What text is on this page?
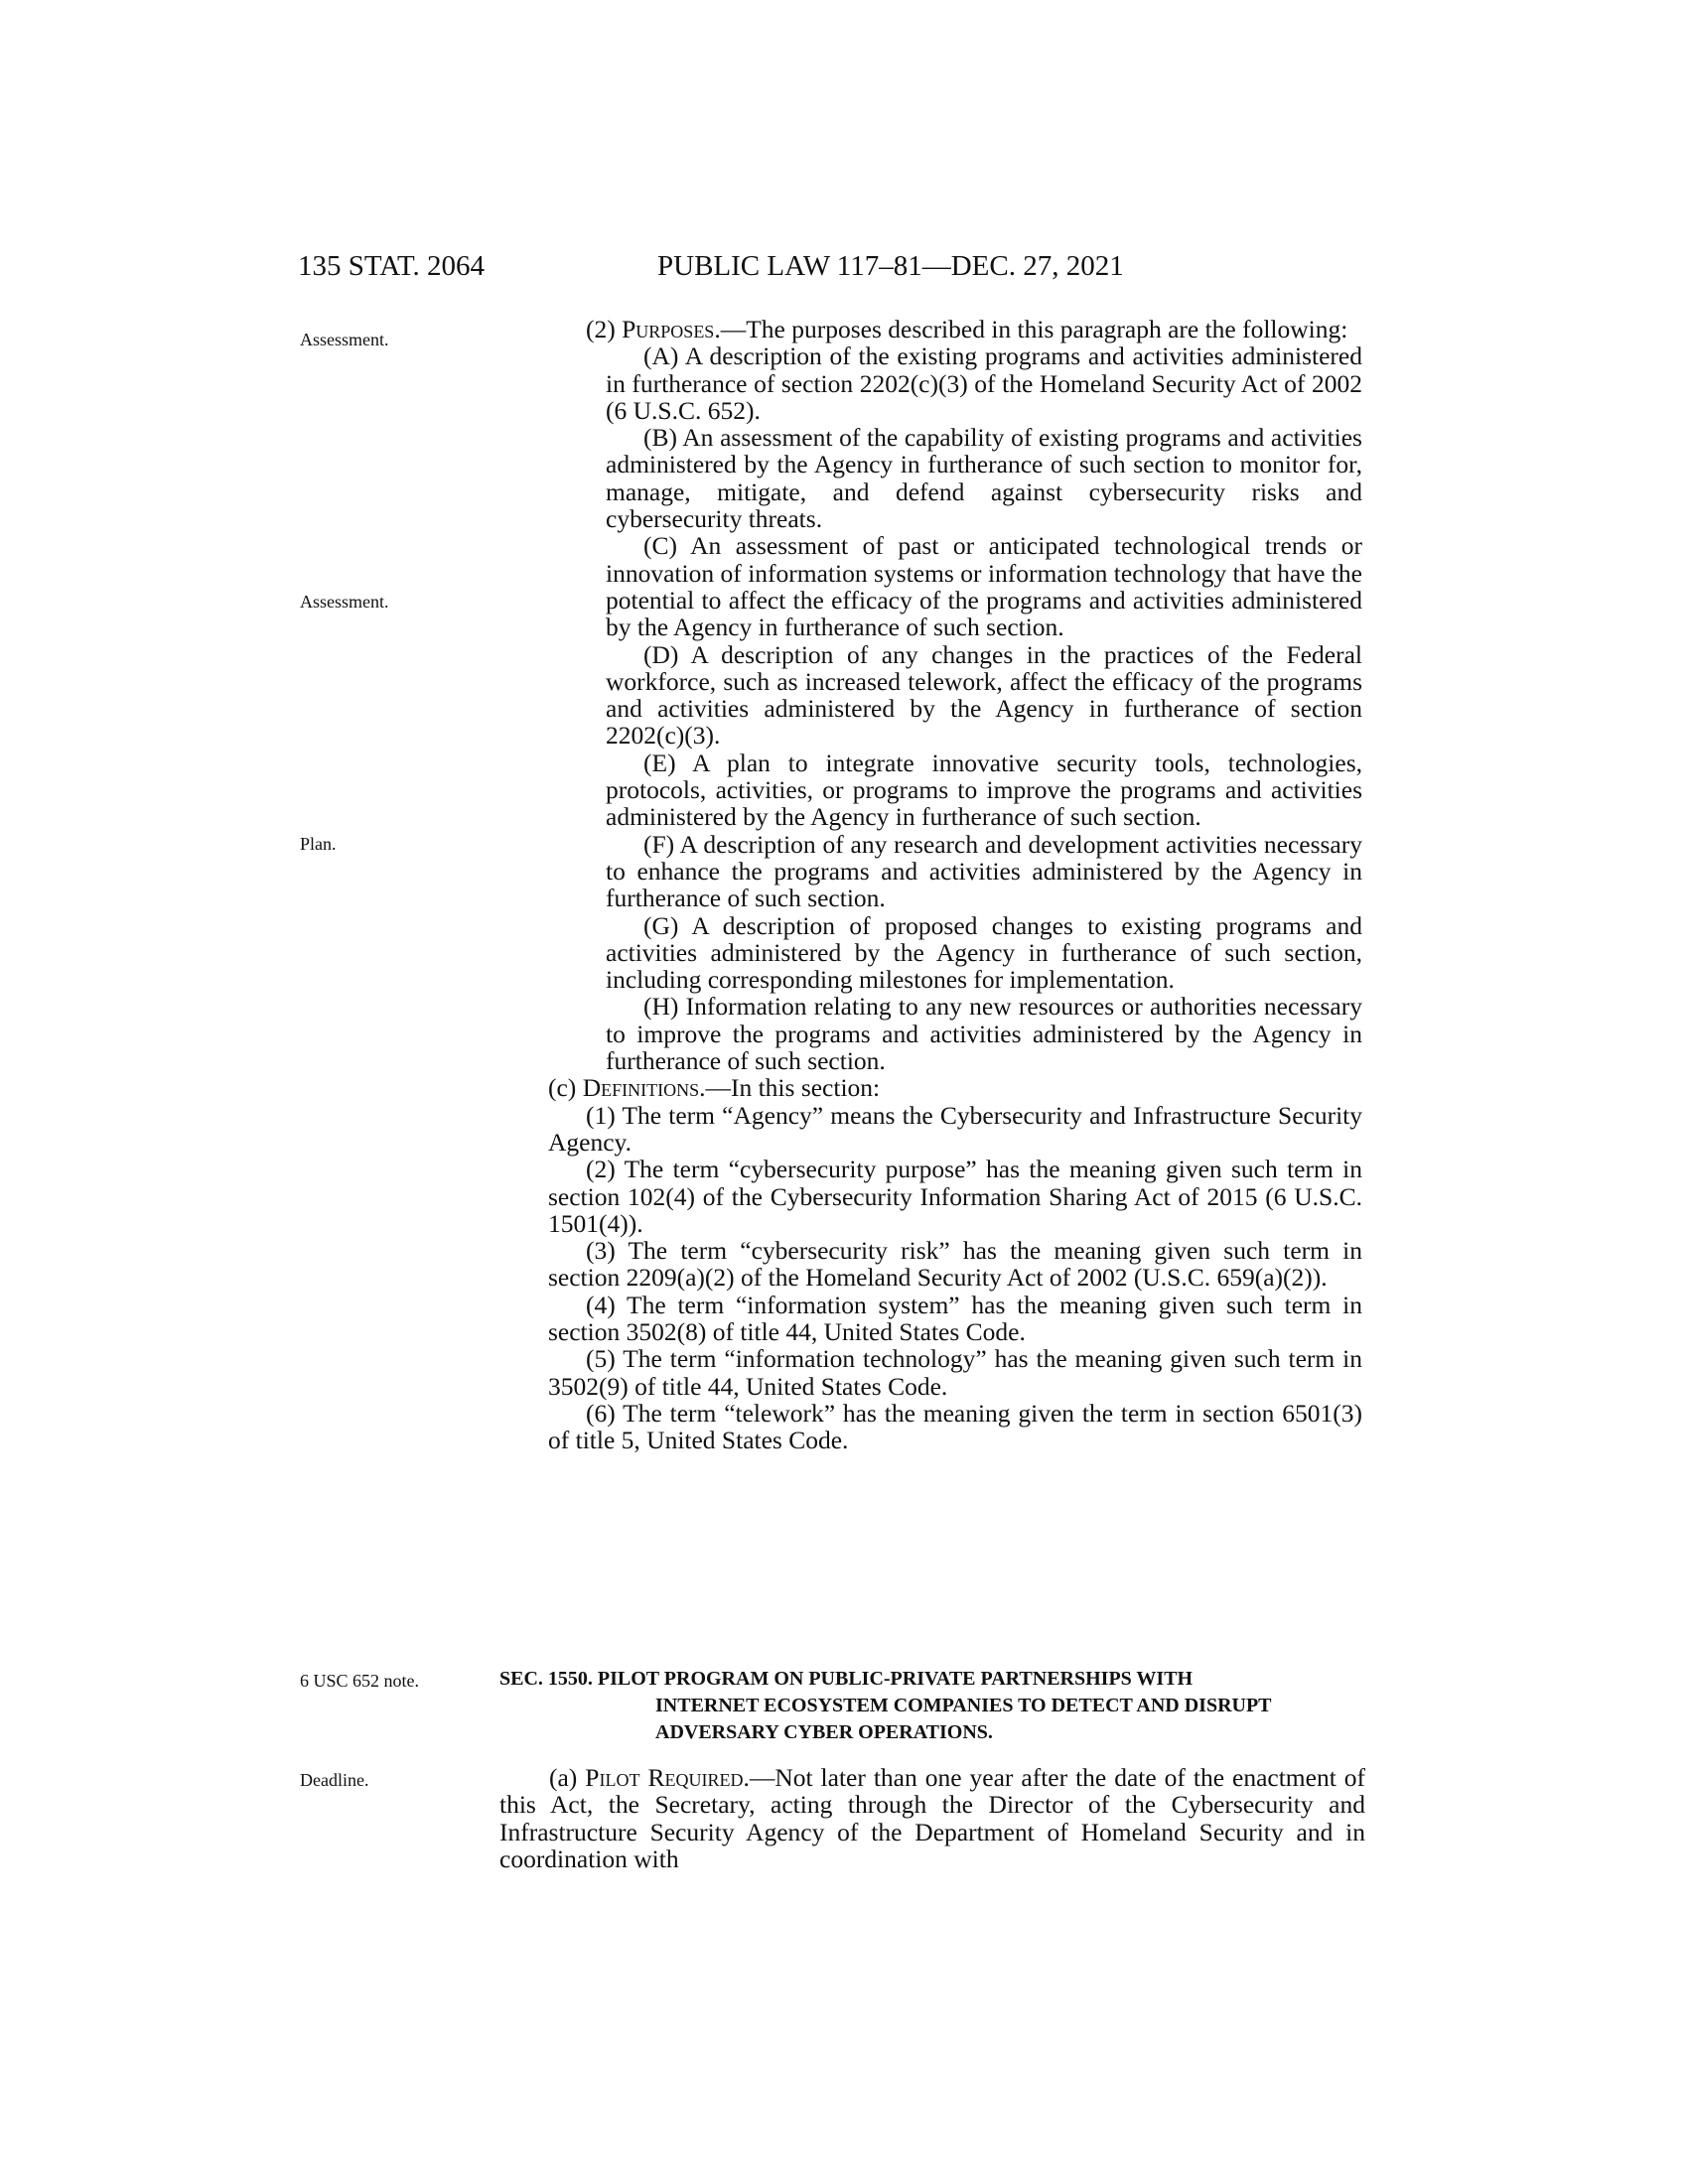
135 STAT. 2064	PUBLIC LAW 117–81—DEC. 27, 2021
Assessment.
Assessment.
Plan.
6 USC 652 note.
Deadline.

(2) Purposes.—The purposes described in this paragraph are the following:

(A) A description of the existing programs and activities administered in furtherance of section 2202(c)(3) of the Homeland Security Act of 2002 (6 U.S.C. 652).

(B) An assessment of the capability of existing programs and activities administered by the Agency in furtherance of such section to monitor for, manage, mitigate, and defend against cybersecurity risks and cybersecurity threats.

(C) An assessment of past or anticipated technological trends or innovation of information systems or information technology that have the potential to affect the efficacy of the programs and activities administered by the Agency in furtherance of such section.

(D) A description of any changes in the practices of the Federal workforce, such as increased telework, affect the efficacy of the programs and activities administered by the Agency in furtherance of section 2202(c)(3).

(E) A plan to integrate innovative security tools, technologies, protocols, activities, or programs to improve the programs and activities administered by the Agency in furtherance of such section.

(F) A description of any research and development activities necessary to enhance the programs and activities administered by the Agency in furtherance of such section.

(G) A description of proposed changes to existing programs and activities administered by the Agency in furtherance of such section, including corresponding milestones for implementation.

(H) Information relating to any new resources or authorities necessary to improve the programs and activities administered by the Agency in furtherance of such section.

(c) Definitions.—In this section:

(1) The term “Agency” means the Cybersecurity and Infrastructure Security Agency.

(2) The term “cybersecurity purpose” has the meaning given such term in section 102(4) of the Cybersecurity Information Sharing Act of 2015 (6 U.S.C. 1501(4)).

(3) The term “cybersecurity risk” has the meaning given such term in section 2209(a)(2) of the Homeland Security Act of 2002 (U.S.C. 659(a)(2)).

(4) The term “information system” has the meaning given such term in section 3502(8) of title 44, United States Code.

(5) The term “information technology” has the meaning given such term in 3502(9) of title 44, United States Code.

(6) The term “telework” has the meaning given the term in section 6501(3) of title 5, United States Code.

SEC. 1550. PILOT PROGRAM ON PUBLIC-PRIVATE PARTNERSHIPS WITH
INTERNET ECOSYSTEM COMPANIES TO DETECT AND DISRUPT ADVERSARY CYBER OPERATIONS.

(a) Pilot Required.—Not later than one year after the date of the enactment of this Act, the Secretary, acting through the Director of the Cybersecurity and Infrastructure Security Agency of the Department of Homeland Security and in coordination with
